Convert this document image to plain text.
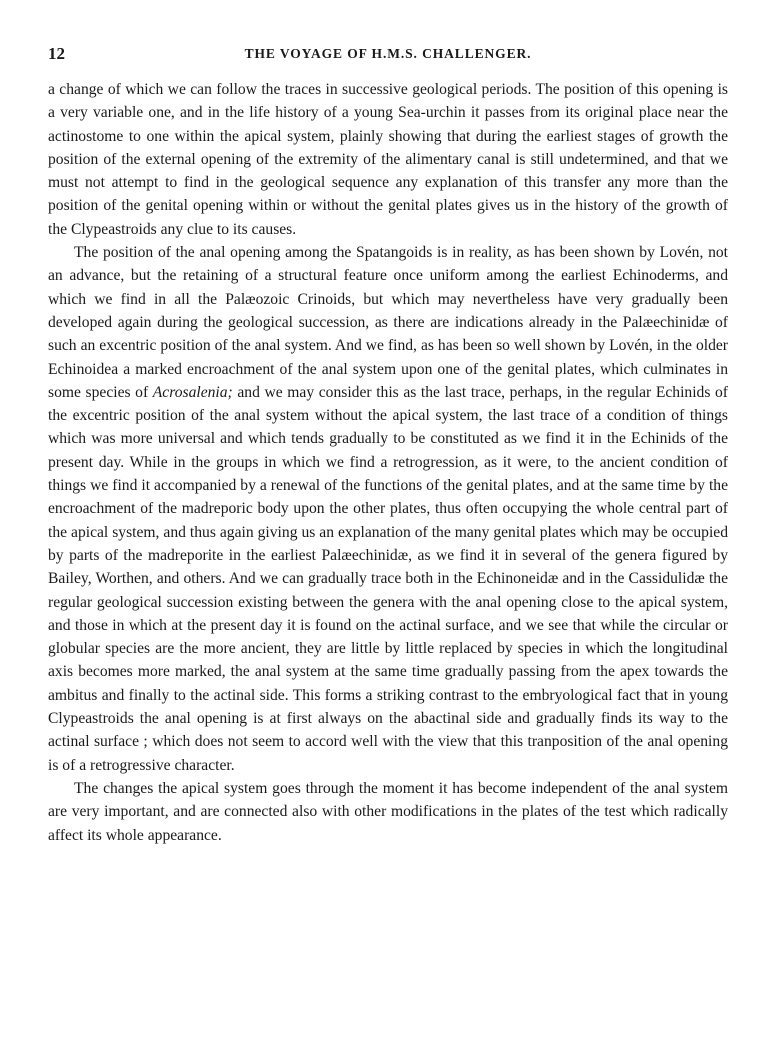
12	THE VOYAGE OF H.M.S. CHALLENGER.

a change of which we can follow the traces in successive geological periods. The position of this opening is a very variable one, and in the life history of a young Sea-urchin it passes from its original place near the actinostome to one within the apical system, plainly showing that during the earliest stages of growth the position of the external opening of the extremity of the alimentary canal is still undetermined, and that we must not attempt to find in the geological sequence any explanation of this transfer any more than the position of the genital opening within or without the genital plates gives us in the history of the growth of the Clypeastroids any clue to its causes.

The position of the anal opening among the Spatangoids is in reality, as has been shown by Lovén, not an advance, but the retaining of a structural feature once uniform among the earliest Echinoderms, and which we find in all the Palæozoic Crinoids, but which may nevertheless have very gradually been developed again during the geological succession, as there are indications already in the Palæechinidæ of such an excentric position of the anal system. And we find, as has been so well shown by Lovén, in the older Echinoidea a marked encroachment of the anal system upon one of the genital plates, which culminates in some species of Acrosalenia; and we may consider this as the last trace, perhaps, in the regular Echinids of the excentric position of the anal system without the apical system, the last trace of a condition of things which was more universal and which tends gradually to be constituted as we find it in the Echinids of the present day. While in the groups in which we find a retrogression, as it were, to the ancient condition of things we find it accompanied by a renewal of the functions of the genital plates, and at the same time by the encroachment of the madreporic body upon the other plates, thus often occupying the whole central part of the apical system, and thus again giving us an explanation of the many genital plates which may be occupied by parts of the madreporite in the earliest Palæechinidæ, as we find it in several of the genera figured by Bailey, Worthen, and others. And we can gradually trace both in the Echinoneidæ and in the Cassidulidæ the regular geological succession existing between the genera with the anal opening close to the apical system, and those in which at the present day it is found on the actinal surface, and we see that while the circular or globular species are the more ancient, they are little by little replaced by species in which the longitudinal axis becomes more marked, the anal system at the same time gradually passing from the apex towards the ambitus and finally to the actinal side. This forms a striking contrast to the embryological fact that in young Clypeastroids the anal opening is at first always on the abactinal side and gradually finds its way to the actinal surface ; which does not seem to accord well with the view that this tranposition of the anal opening is of a retrogressive character.

The changes the apical system goes through the moment it has become independent of the anal system are very important, and are connected also with other modifications in the plates of the test which radically affect its whole appearance.
